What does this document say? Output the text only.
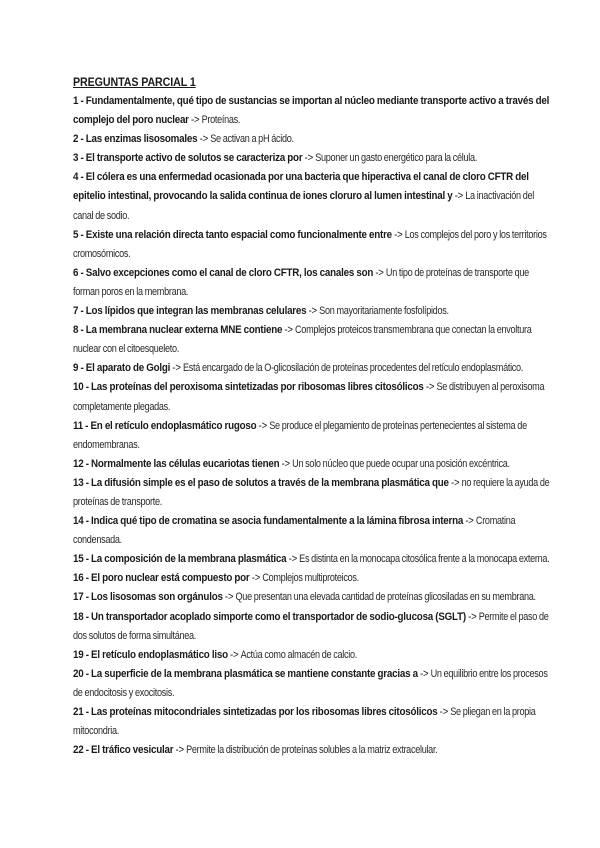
PREGUNTAS PARCIAL 1
1 - Fundamentalmente, qué tipo de sustancias se importan al núcleo mediante transporte activo a través del complejo del poro nuclear -> Proteínas.
2 - Las enzimas lisosomales -> Se activan a pH ácido.
3 - El transporte activo de solutos se caracteriza por -> Suponer un gasto energético para la célula.
4 - El cólera es una enfermedad ocasionada por una bacteria que hiperactiva el canal de cloro CFTR del epitelio intestinal, provocando la salida continua de iones cloruro al lumen intestinal y -> La inactivación del canal de sodio.
5 - Existe una relación directa tanto espacial como funcionalmente entre -> Los complejos del poro y los territorios cromosómicos.
6 - Salvo excepciones como el canal de cloro CFTR, los canales son -> Un tipo de proteínas de transporte que forman poros en la membrana.
7 - Los lípidos que integran las membranas celulares -> Son mayoritariamente fosfolípidos.
8 - La membrana nuclear externa MNE contiene -> Complejos proteicos transmembrana que conectan la envoltura nuclear con el citoesqueleto.
9 - El aparato de Golgi -> Está encargado de la O-glicosilación de proteínas procedentes del retículo endoplasmático.
10 - Las proteínas del peroxisoma sintetizadas por ribosomas libres citosólicos -> Se distribuyen al peroxisoma completamente plegadas.
11 - En el retículo endoplasmático rugoso -> Se produce el plegamiento de proteínas pertenecientes al sistema de endomembranas.
12 - Normalmente las células eucariotas tienen -> Un solo núcleo que puede ocupar una posición excéntrica.
13 - La difusión simple es el paso de solutos a través de la membrana plasmática que -> no requiere la ayuda de proteínas de transporte.
14 - Indica qué tipo de cromatina se asocia fundamentalmente a la lámina fibrosa interna -> Cromatina condensada.
15 - La composición de la membrana plasmática -> Es distinta en la monocapa citosólica frente a la monocapa externa.
16 - El poro nuclear está compuesto por -> Complejos multiproteicos.
17 - Los lisosomas son orgánulos -> Que presentan una elevada cantidad de proteínas glicosiladas en su membrana.
18 - Un transportador acoplado simporte como el transportador de sodio-glucosa (SGLT) -> Permite el paso de dos solutos de forma simultánea.
19 - El retículo endoplasmático liso -> Actúa como almacén de calcio.
20 - La superficie de la membrana plasmática se mantiene constante gracias a -> Un equilibrio entre los procesos de endocitosis y exocitosis.
21 - Las proteínas mitocondriales sintetizadas por los ribosomas libres citosólicos -> Se pliegan en la propia mitocondria.
22 - El tráfico vesicular -> Permite la distribución de proteínas solubles a la matriz extracelular.
